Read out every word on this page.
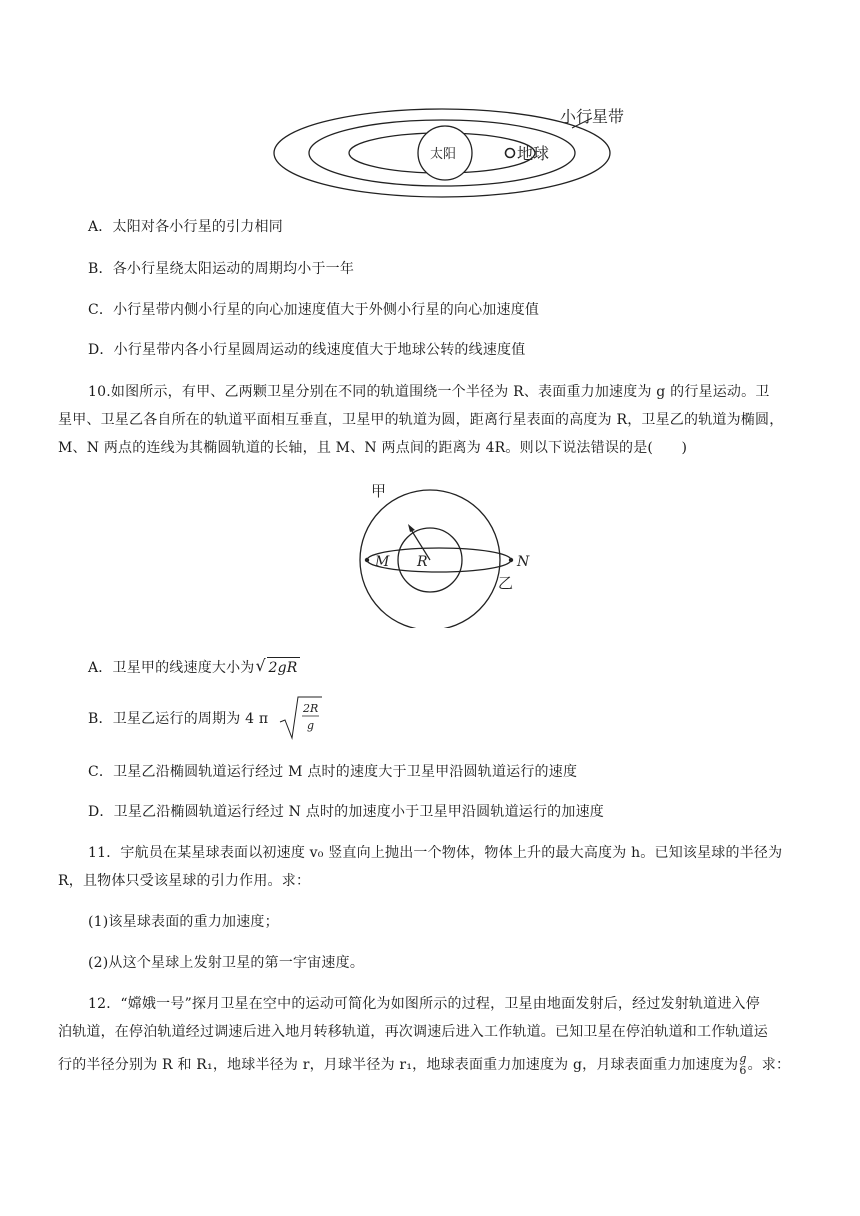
太阳	地球
小行星带
A．太阳对各小行星的引力相同
B．各小行星绕太阳运动的周期均小于一年
C．小行星带内侧小行星的向心加速度值大于外侧小行星的向心加速度值
D．小行星带内各小行星圆周运动的线速度值大于地球公转的线速度值
10.如图所示，有甲、乙两颗卫星分别在不同的轨道围绕一个半径为 R、表面重力加速度为 g 的行星运动。卫
星甲、卫星乙各自所在的轨道平面相互垂直，卫星甲的轨道为圆，距离行星表面的高度为 R，卫星乙的轨道为椭圆，
M、N 两点的连线为其椭圆轨道的长轴，且 M、N 两点间的距离为 4R。则以下说法错误的是(　　)
甲
M R	N
乙
A．卫星甲的线速度大小为 √ 2gR
B．卫星乙运行的周期为 4 π
2R
g
C．卫星乙沿椭圆轨道运行经过 M 点时的速度大于卫星甲沿圆轨道运行的速度
D．卫星乙沿椭圆轨道运行经过 N 点时的加速度小于卫星甲沿圆轨道运行的加速度
11．宇航员在某星球表面以初速度 v₀ 竖直向上抛出一个物体，物体上升的最大高度为 h。已知该星球的半径为
R，且物体只受该星球的引力作用。求：
(1)该星球表面的重力加速度；
(2)从这个星球上发射卫星的第一宇宙速度。
12．“嫦娥一号”探月卫星在空中的运动可简化为如图所示的过程，卫星由地面发射后，经过发射轨道进入停
泊轨道，在停泊轨道经过调速后进入地月转移轨道，再次调速后进入工作轨道。已知卫星在停泊轨道和工作轨道运
行的半径分别为 R 和 R₁，地球半径为 r，月球半径为 r₁，地球表面重力加速度为 g，月球表面重力加速度为 g
6 。求：
